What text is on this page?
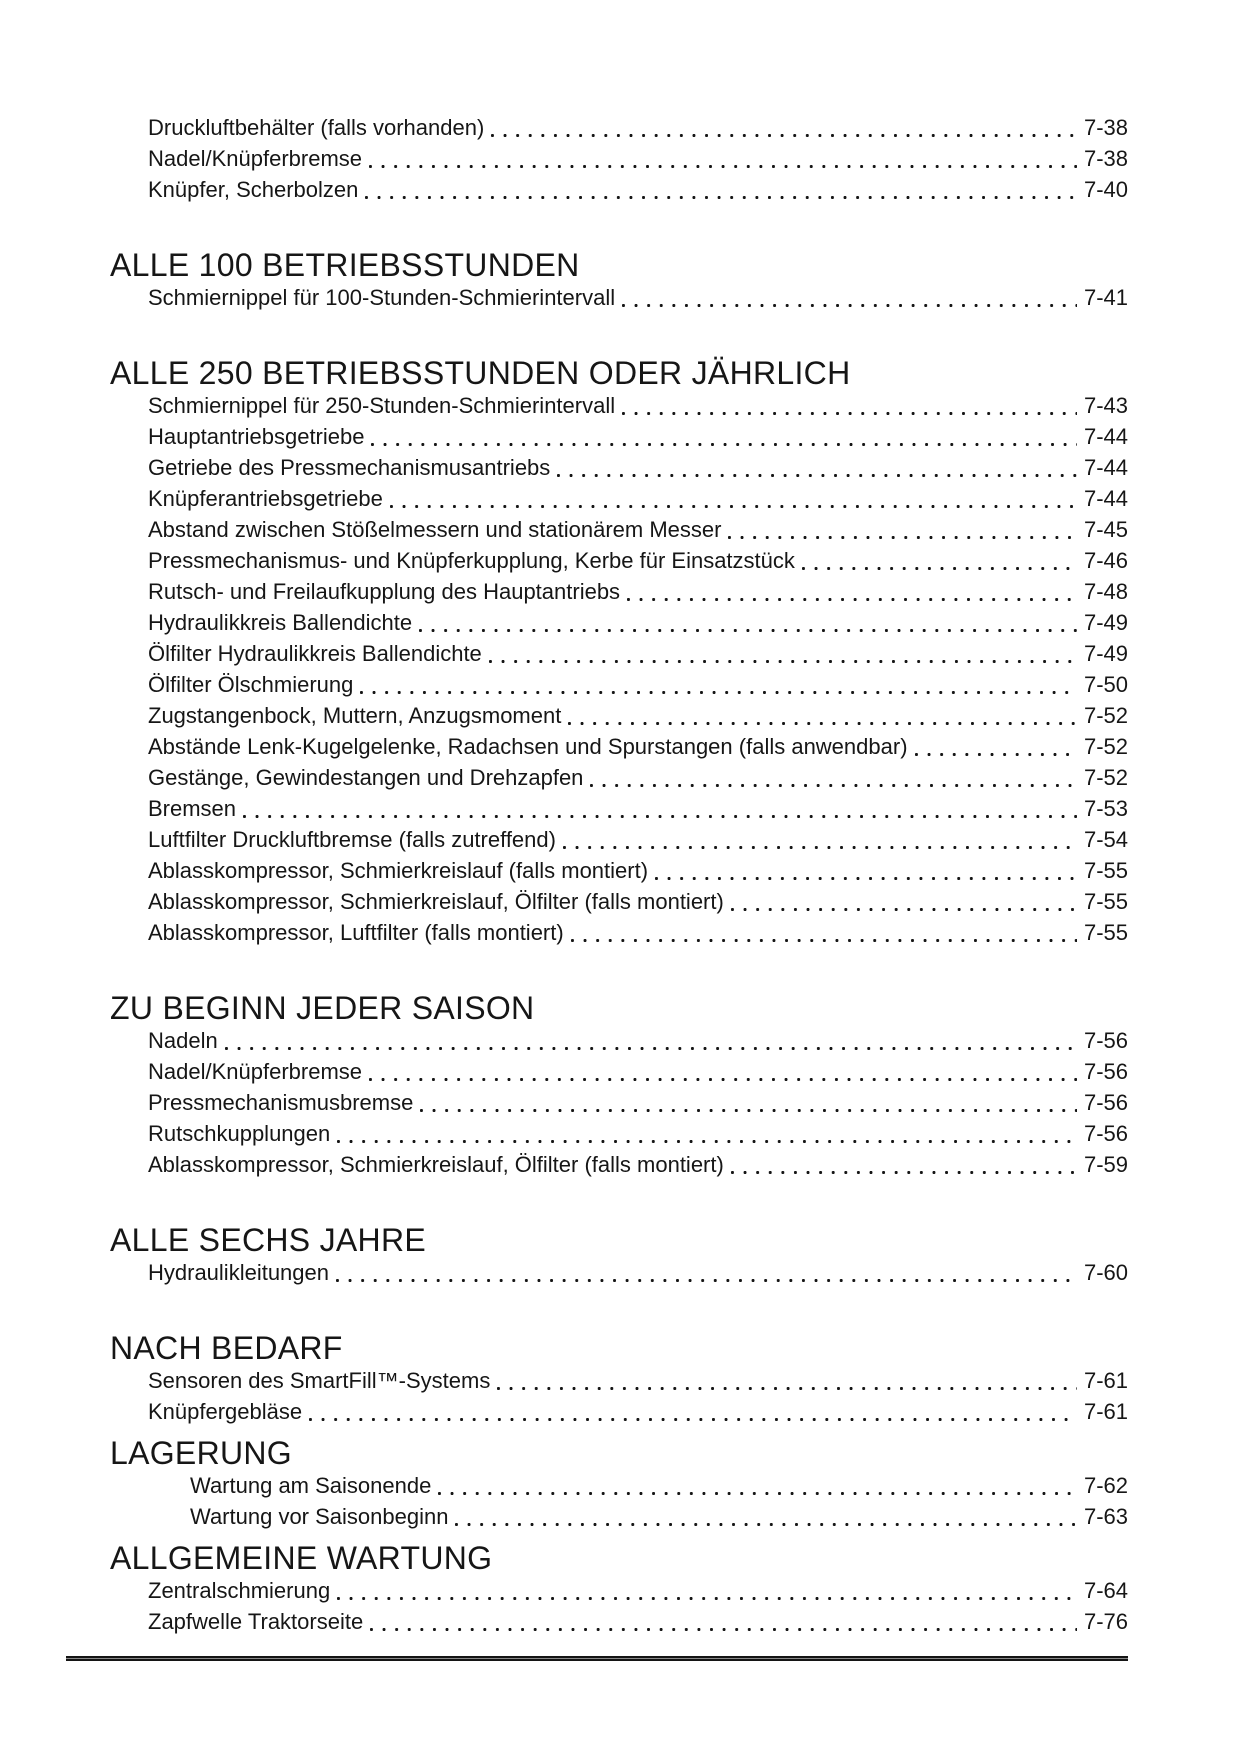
Druckluftbehälter (falls vorhanden)	7-38
Nadel/Knüpferbremse	7-38
Knüpfer, Scherbolzen	7-40
ALLE 100 BETRIEBSSTUNDEN
Schmiernippel für 100-Stunden-Schmierintervall	7-41
ALLE 250 BETRIEBSSTUNDEN ODER JÄHRLICH
Schmiernippel für 250-Stunden-Schmierintervall	7-43
Hauptantriebsgetriebe	7-44
Getriebe des Pressmechanismusantriebs	7-44
Knüpferantriebsgetriebe	7-44
Abstand zwischen Stößelmessern und stationärem Messer	7-45
Pressmechanismus- und Knüpferkupplung, Kerbe für Einsatzstück	7-46
Rutsch- und Freilaufkupplung des Hauptantriebs	7-48
Hydraulikkreis Ballendichte	7-49
Ölfilter Hydraulikkreis Ballendichte	7-49
Ölfilter Ölschmierung	7-50
Zugstangenbock, Muttern, Anzugsmoment	7-52
Abstände Lenk-Kugelgelenke, Radachsen und Spurstangen (falls anwendbar)	7-52
Gestänge, Gewindestangen und Drehzapfen	7-52
Bremsen	7-53
Luftfilter Druckluftbremse (falls zutreffend)	7-54
Ablasskompressor, Schmierkreislauf (falls montiert)	7-55
Ablasskompressor, Schmierkreislauf, Ölfilter (falls montiert)	7-55
Ablasskompressor, Luftfilter (falls montiert)	7-55
ZU BEGINN JEDER SAISON
Nadeln	7-56
Nadel/Knüpferbremse	7-56
Pressmechanismusbremse	7-56
Rutschkupplungen	7-56
Ablasskompressor, Schmierkreislauf, Ölfilter (falls montiert)	7-59
ALLE SECHS JAHRE
Hydraulikleitungen	7-60
NACH BEDARF
Sensoren des SmartFill™-Systems	7-61
Knüpfergebläse	7-61
LAGERUNG
Wartung am Saisonende	7-62
Wartung vor Saisonbeginn	7-63
ALLGEMEINE WARTUNG
Zentralschmierung	7-64
Zapfwelle Traktorseite	7-76
